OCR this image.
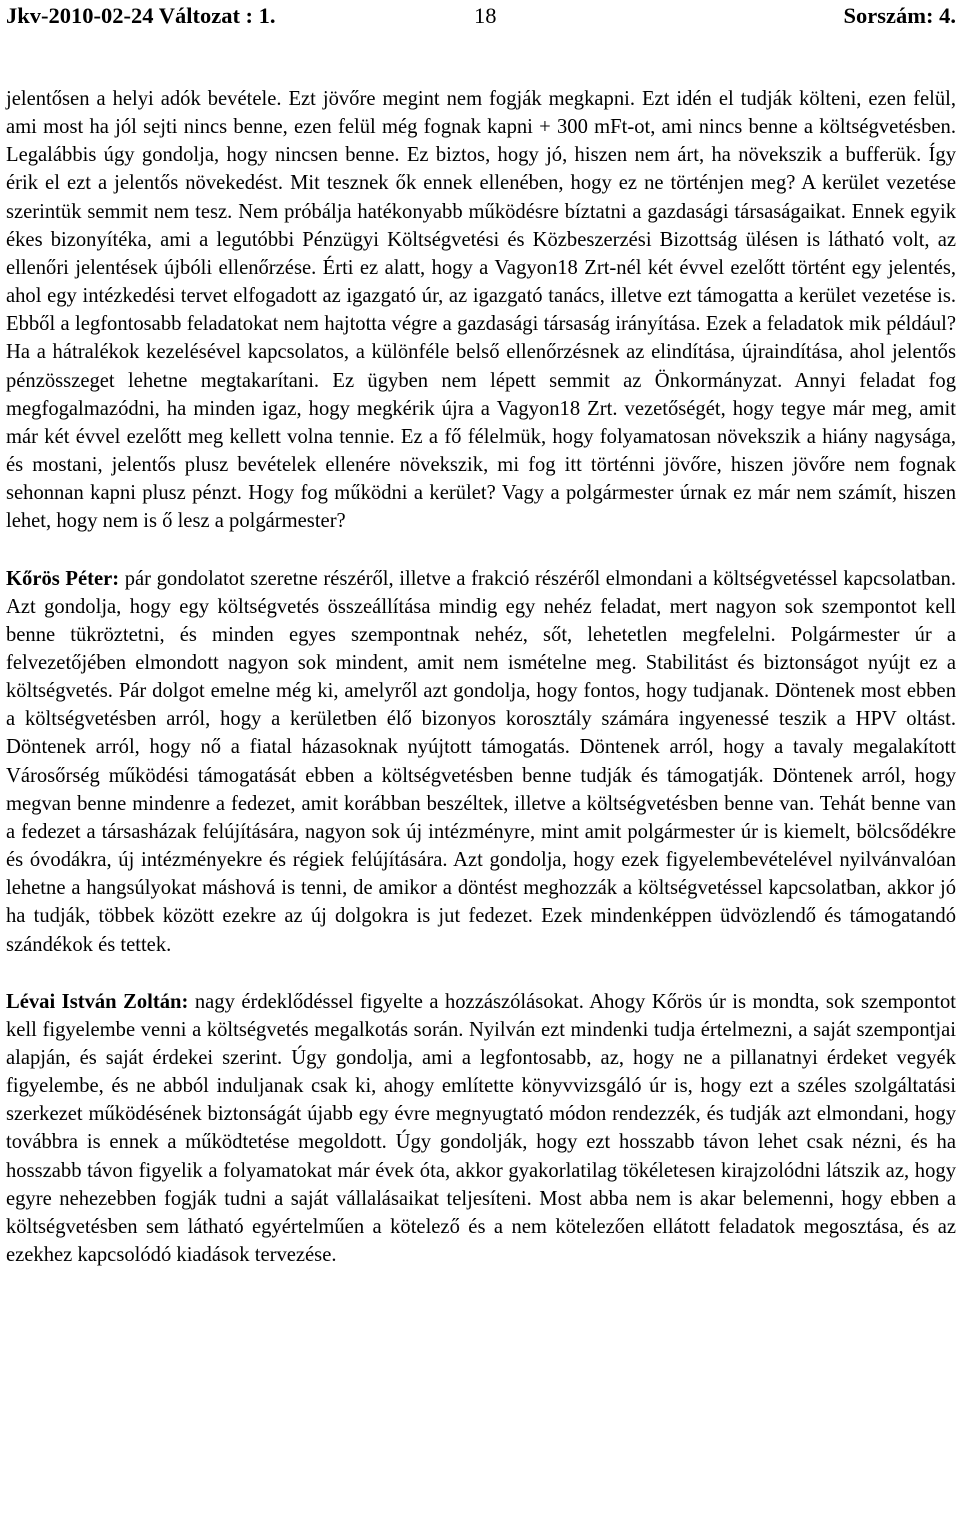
Jkv-2010-02-24 Változat : 1.	18	Sorszám: 4.

jelentősen a helyi adók bevétele. Ezt jövőre megint nem fogják megkapni. Ezt idén el tudják költeni, ezen felül, ami most ha jól sejti nincs benne, ezen felül még fognak kapni + 300 mFt-ot, ami nincs benne a költségvetésben. Legalábbis úgy gondolja, hogy nincsen benne. Ez biztos, hogy jó, hiszen nem árt, ha növekszik a bufferük. Így érik el ezt a jelentős növekedést. Mit tesznek ők ennek ellenében, hogy ez ne történjen meg? A kerület vezetése szerintük semmit nem tesz. Nem próbálja hatékonyabb működésre bíztatni a gazdasági társaságaikat. Ennek egyik ékes bizonyítéka, ami a legutóbbi Pénzügyi Költségvetési és Közbeszerzési Bizottság ülésen is látható volt, az ellenőri jelentések újbóli ellenőrzése. Érti ez alatt, hogy a Vagyon18 Zrt-nél két évvel ezelőtt történt egy jelentés, ahol egy intézkedési tervet elfogadott az igazgató úr, az igazgató tanács, illetve ezt támogatta a kerület vezetése is. Ebből a legfontosabb feladatokat nem hajtotta végre a gazdasági társaság irányítása. Ezek a feladatok mik például? Ha a hátralékok kezelésével kapcsolatos, a különféle belső ellenőrzésnek az elindítása, újraindítása, ahol jelentős pénzösszeget lehetne megtakarítani. Ez ügyben nem lépett semmit az Önkormányzat. Annyi feladat fog megfogalmazódni, ha minden igaz, hogy megkérik újra a Vagyon18 Zrt. vezetőségét, hogy tegye már meg, amit már két évvel ezelőtt meg kellett volna tennie. Ez a fő félelmük, hogy folyamatosan növekszik a hiány nagysága, és mostani, jelentős plusz bevételek ellenére növekszik, mi fog itt történni jövőre, hiszen jövőre nem fognak sehonnan kapni plusz pénzt. Hogy fog működni a kerület? Vagy a polgármester úrnak ez már nem számít, hiszen lehet, hogy nem is ő lesz a polgármester?

Kőrös Péter: pár gondolatot szeretne részéről, illetve a frakció részéről elmondani a költségvetéssel kapcsolatban. Azt gondolja, hogy egy költségvetés összeállítása mindig egy nehéz feladat, mert nagyon sok szempontot kell benne tükröztetni, és minden egyes szempontnak nehéz, sőt, lehetetlen megfelelni. Polgármester úr a felvezetőjében elmondott nagyon sok mindent, amit nem ismételne meg. Stabilitást és biztonságot nyújt ez a költségvetés. Pár dolgot emelne még ki, amelyről azt gondolja, hogy fontos, hogy tudjanak. Döntenek most ebben a költségvetésben arról, hogy a kerületben élő bizonyos korosztály számára ingyenessé teszik a HPV oltást. Döntenek arról, hogy nő a fiatal házasoknak nyújtott támogatás. Döntenek arról, hogy a tavaly megalakított Városőrség működési támogatását ebben a költségvetésben benne tudják és támogatják. Döntenek arról, hogy megvan benne mindenre a fedezet, amit korábban beszéltek, illetve a költségvetésben benne van. Tehát benne van a fedezet a társasházak felújítására, nagyon sok új intézményre, mint amit polgármester úr is kiemelt, bölcsődékre és óvodákra, új intézményekre és régiek felújítására. Azt gondolja, hogy ezek figyelembevételével nyilvánvalóan lehetne a hangsúlyokat máshová is tenni, de amikor a döntést meghozzák a költségvetéssel kapcsolatban, akkor jó ha tudják, többek között ezekre az új dolgokra is jut fedezet. Ezek mindenképpen üdvözlendő és támogatandó szándékok és tettek.

Lévai István Zoltán: nagy érdeklődéssel figyelte a hozzászólásokat. Ahogy Kőrös úr is mondta, sok szempontot kell figyelembe venni a költségvetés megalkotás során. Nyilván ezt mindenki tudja értelmezni, a saját szempontjai alapján, és saját érdekei szerint. Úgy gondolja, ami a legfontosabb, az, hogy ne a pillanatnyi érdeket vegyék figyelembe, és ne abból induljanak csak ki, ahogy említette könyvvizsgáló úr is, hogy ezt a széles szolgáltatási szerkezet működésének biztonságát újabb egy évre megnyugtató módon rendezzék, és tudják azt elmondani, hogy továbbra is ennek a működtetése megoldott. Úgy gondolják, hogy ezt hosszabb távon lehet csak nézni, és ha hosszabb távon figyelik a folyamatokat már évek óta, akkor gyakorlatilag tökéletesen kirajzolódni látszik az, hogy egyre nehezebben fogják tudni a saját vállalásaikat teljesíteni. Most abba nem is akar belemenni, hogy ebben a költségvetésben sem látható egyértelműen a kötelező és a nem kötelezően ellátott feladatok megosztása, és az ezekhez kapcsolódó kiadások tervezése.
